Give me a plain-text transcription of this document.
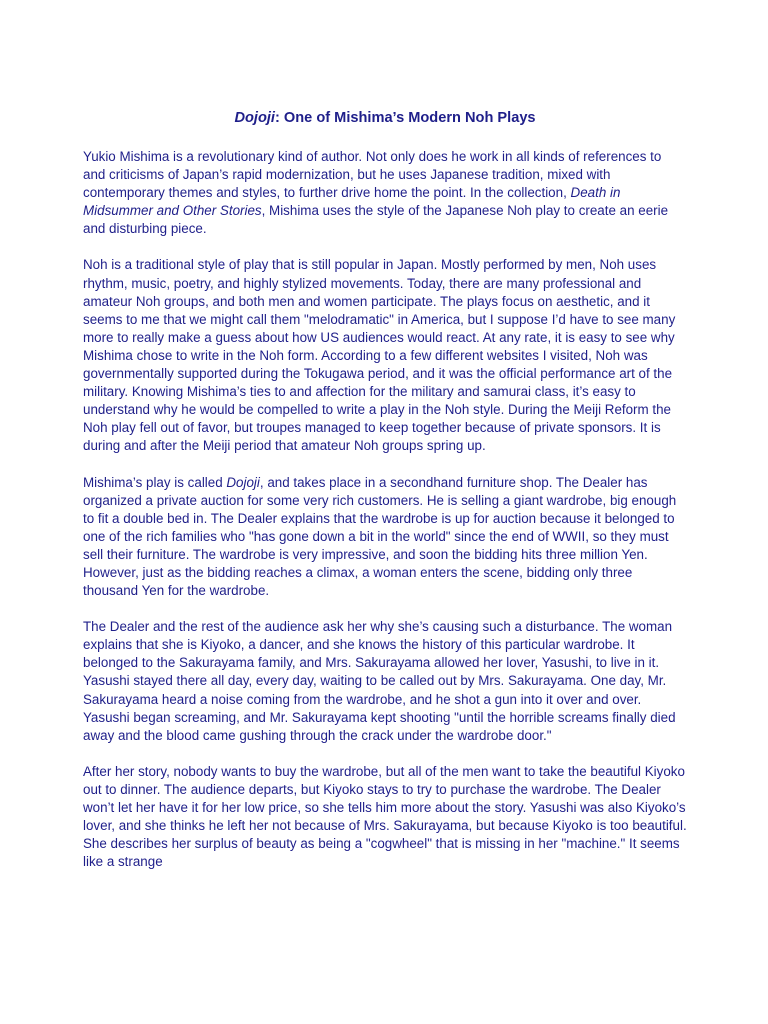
Dojoji: One of Mishima’s Modern Noh Plays

Yukio Mishima is a revolutionary kind of author. Not only does he work in all kinds of references to and criticisms of Japan’s rapid modernization, but he uses Japanese tradition, mixed with contemporary themes and styles, to further drive home the point. In the collection, Death in Midsummer and Other Stories, Mishima uses the style of the Japanese Noh play to create an eerie and disturbing piece.

Noh is a traditional style of play that is still popular in Japan. Mostly performed by men, Noh uses rhythm, music, poetry, and highly stylized movements. Today, there are many professional and amateur Noh groups, and both men and women participate. The plays focus on aesthetic, and it seems to me that we might call them "melodramatic" in America, but I suppose I’d have to see many more to really make a guess about how US audiences would react. At any rate, it is easy to see why Mishima chose to write in the Noh form. According to a few different websites I visited, Noh was governmentally supported during the Tokugawa period, and it was the official performance art of the military. Knowing Mishima’s ties to and affection for the military and samurai class, it’s easy to understand why he would be compelled to write a play in the Noh style. During the Meiji Reform the Noh play fell out of favor, but troupes managed to keep together because of private sponsors. It is during and after the Meiji period that amateur Noh groups spring up.

Mishima’s play is called Dojoji, and takes place in a secondhand furniture shop. The Dealer has organized a private auction for some very rich customers. He is selling a giant wardrobe, big enough to fit a double bed in. The Dealer explains that the wardrobe is up for auction because it belonged to one of the rich families who "has gone down a bit in the world" since the end of WWII, so they must sell their furniture. The wardrobe is very impressive, and soon the bidding hits three million Yen. However, just as the bidding reaches a climax, a woman enters the scene, bidding only three thousand Yen for the wardrobe.

The Dealer and the rest of the audience ask her why she’s causing such a disturbance. The woman explains that she is Kiyoko, a dancer, and she knows the history of this particular wardrobe. It belonged to the Sakurayama family, and Mrs. Sakurayama allowed her lover, Yasushi, to live in it. Yasushi stayed there all day, every day, waiting to be called out by Mrs. Sakurayama. One day, Mr. Sakurayama heard a noise coming from the wardrobe, and he shot a gun into it over and over. Yasushi began screaming, and Mr. Sakurayama kept shooting "until the horrible screams finally died away and the blood came gushing through the crack under the wardrobe door."

After her story, nobody wants to buy the wardrobe, but all of the men want to take the beautiful Kiyoko out to dinner. The audience departs, but Kiyoko stays to try to purchase the wardrobe. The Dealer won’t let her have it for her low price, so she tells him more about the story. Yasushi was also Kiyoko’s lover, and she thinks he left her not because of Mrs. Sakurayama, but because Kiyoko is too beautiful. She describes her surplus of beauty as being a "cogwheel" that is missing in her "machine." It seems like a strange
